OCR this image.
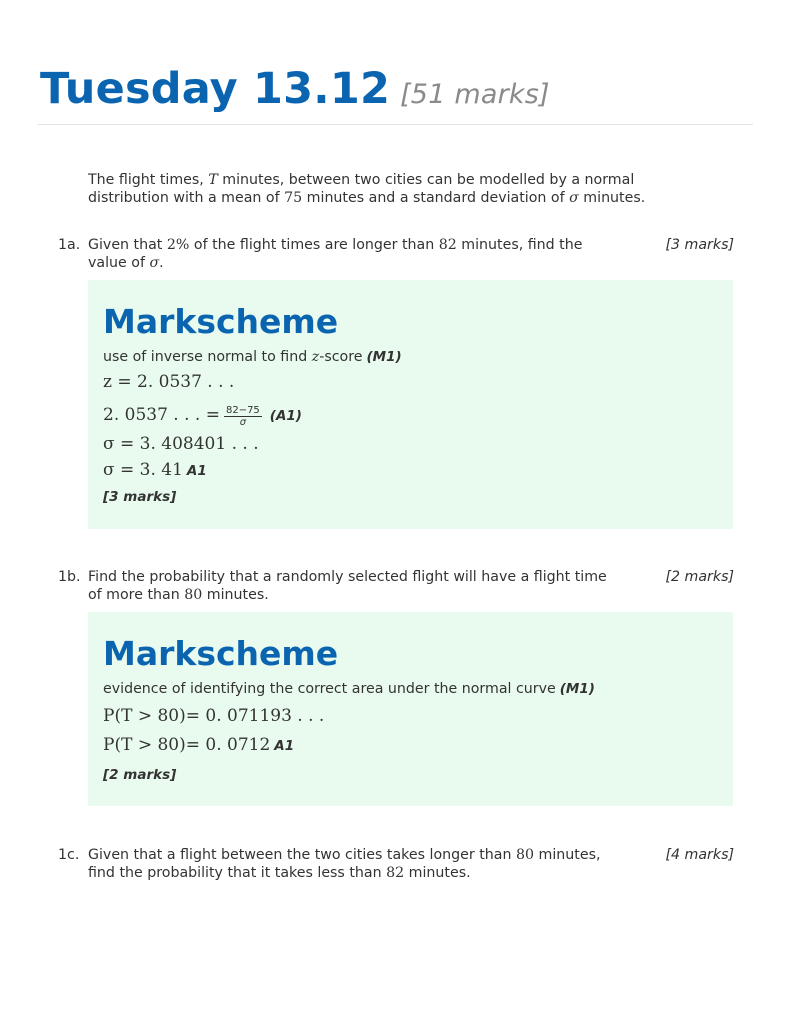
Tuesday 13.12 [51 marks]
The flight times, T minutes, between two cities can be modelled by a normal
distribution with a mean of 75 minutes and a standard deviation of σ minutes.
1a.	[3 marks]
Given that 2% of the flight times are longer than 82 minutes, find the
value of σ.
Markscheme
use of inverse normal to find z-score (M1)
z = 2. 0537 . . .
2. 0537 . . . = $\frac{82-75}{\sigma} (A1)$
σ = 3. 408401 . . .
σ = 3. 41 A1
[3 marks]
1b.	[2 marks]
Find the probability that a randomly selected flight will have a flight time
of more than 80 minutes.
Markscheme
evidence of identifying the correct area under the normal curve (M1)
P(T > 80)= 0. 071193 . . .
P(T > 80)= 0. 0712 A1
[2 marks]
1c.	[4 marks]
Given that a flight between the two cities takes longer than 80 minutes,
find the probability that it takes less than 82 minutes.
